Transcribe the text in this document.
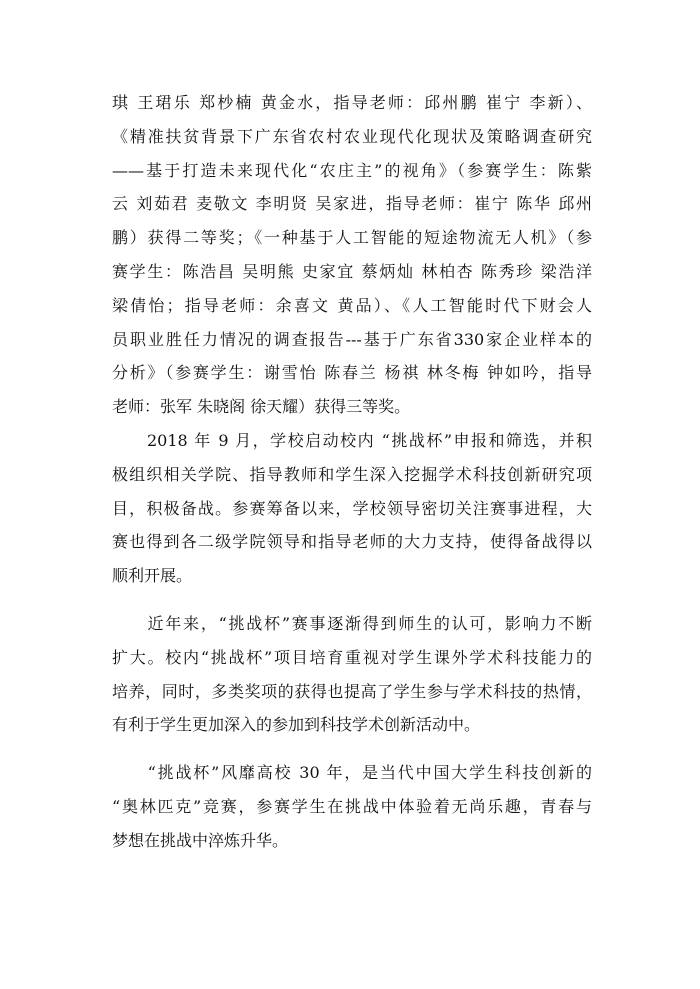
琪 王珺乐 郑杪楠 黄金水，指导老师：邱州鹏 崔宁 李新）、
《精准扶贫背景下广东省农村农业现代化现状及策略调查研究
——基于打造未来现代化“农庄主”的视角》（参赛学生：陈紫
云 刘茹君 麦敬文 李明贤 吴家进，指导老师：崔宁 陈华 邱州
鹏）获得二等奖；《一种基于人工智能的短途物流无人机》（参
赛学生：陈浩昌 吴明熊 史家宜 蔡炳灿 林柏杏 陈秀珍 梁浩洋
梁倩怡；指导老师：余喜文 黄品）、《人工智能时代下财会人
员职业胜任力情况的调查报告---基于广东省330家企业样本的
分析》（参赛学生：谢雪怡 陈春兰 杨祺 林冬梅 钟如吟，指导
老师：张军 朱晓阁 徐天耀）获得三等奖。
　　2018 年 9 月，学校启动校内 “挑战杯”申报和筛选，并积
极组织相关学院、指导教师和学生深入挖掘学术科技创新研究项
目，积极备战。参赛筹备以来，学校领导密切关注赛事进程，大
赛也得到各二级学院领导和指导老师的大力支持，使得备战得以
顺利开展。
　　近年来，“挑战杯”赛事逐渐得到师生的认可，影响力不断
扩大。校内“挑战杯”项目培育重视对学生课外学术科技能力的
培养，同时，多类奖项的获得也提高了学生参与学术科技的热情，
有利于学生更加深入的参加到科技学术创新活动中。
　　“挑战杯”风靡高校 30 年，是当代中国大学生科技创新的
“奥林匹克”竞赛，参赛学生在挑战中体验着无尚乐趣，青春与
梦想在挑战中淬炼升华。
